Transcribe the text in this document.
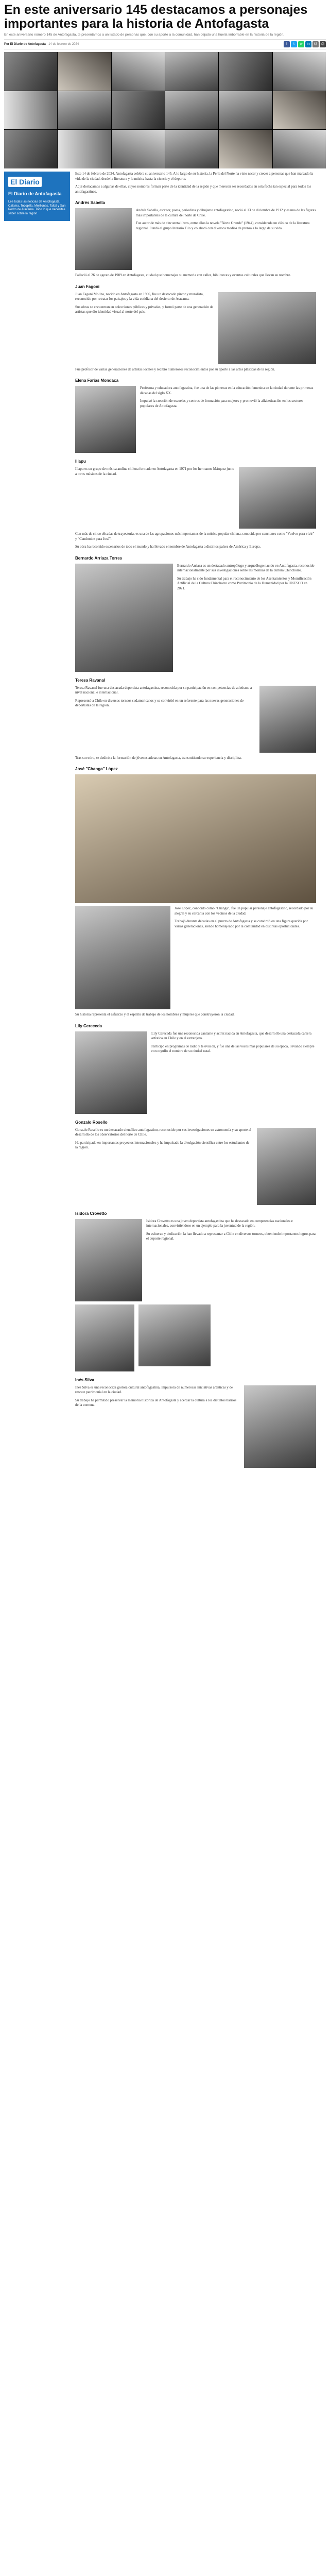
En este aniversario 145 destacamos a personajes importantes para la historia de Antofagasta

En este aniversario número 145 de Antofagasta, te presentamos a un listado de personas que, con su aporte a la comunidad, han dejado una huella imborrable en la historia de la región.

Por El Diario de Antofagasta · 14 de febrero de 2024	f	t	w	in	@	⎙
El Diario
El Diario de Antofagasta
Lee todas las noticias de Antofagasta, Calama, Tocopilla, Mejillones, Taltal y San Pedro de Atacama. Todo lo que necesitas saber sobre la región.

Este 14 de febrero de 2024, Antofagasta celebra su aniversario 145. A lo largo de su historia, la Perla del Norte ha visto nacer y crecer a personas que han marcado la vida de la ciudad, desde la literatura y la música hasta la ciencia y el deporte.

Aquí destacamos a algunas de ellas, cuyos nombres forman parte de la identidad de la región y que merecen ser recordados en esta fecha tan especial para todos los antofagastinos.

Andrés Sabella

Andrés Sabella, escritor, poeta, periodista y dibujante antofagastino, nació el 13 de diciembre de 1912 y es una de las figuras más importantes de la cultura del norte de Chile.

Fue autor de más de cincuenta libros, entre ellos la novela "Norte Grande" (1944), considerada un clásico de la literatura regional. Fundó el grupo literario Tilo y colaboró con diversos medios de prensa a lo largo de su vida.

Falleció el 26 de agosto de 1989 en Antofagasta, ciudad que homenajea su memoria con calles, bibliotecas y eventos culturales que llevan su nombre.

Juan Fagoni

Juan Fagoni Molina, nacido en Antofagasta en 1906, fue un destacado pintor y muralista, reconocido por retratar los paisajes y la vida cotidiana del desierto de Atacama.

Sus obras se encuentran en colecciones públicas y privadas, y formó parte de una generación de artistas que dio identidad visual al norte del país.

Fue profesor de varias generaciones de artistas locales y recibió numerosos reconocimientos por su aporte a las artes plásticas de la región.

Elena Farías Mondaca

Profesora y educadora antofagastina, fue una de las pioneras en la educación femenina en la ciudad durante las primeras décadas del siglo XX.

Impulsó la creación de escuelas y centros de formación para mujeres y promovió la alfabetización en los sectores populares de Antofagasta.

Illapu

Illapu es un grupo de música andina chilena formado en Antofagasta en 1971 por los hermanos Márquez junto a otros músicos de la ciudad.

Con más de cinco décadas de trayectoria, es una de las agrupaciones más importantes de la música popular chilena, conocida por canciones como "Vuelvo para vivir" y "Candombe para José".

Su obra ha recorrido escenarios de todo el mundo y ha llevado el nombre de Antofagasta a distintos países de América y Europa.

Bernardo Arriaza Torres

Bernardo Arriaza es un destacado antropólogo y arqueólogo nacido en Antofagasta, reconocido internacionalmente por sus investigaciones sobre las momias de la cultura Chinchorro.

Su trabajo ha sido fundamental para el reconocimiento de los Asentamientos y Momificación Artificial de la Cultura Chinchorro como Patrimonio de la Humanidad por la UNESCO en 2021.

Teresa Ravanal

Teresa Ravanal fue una destacada deportista antofagastina, reconocida por su participación en competencias de atletismo a nivel nacional e internacional.

Representó a Chile en diversos torneos sudamericanos y se convirtió en un referente para las nuevas generaciones de deportistas de la región.

Tras su retiro, se dedicó a la formación de jóvenes atletas en Antofagasta, transmitiendo su experiencia y disciplina.

José "Changa" López

José López, conocido como "Changa", fue un popular personaje antofagastino, recordado por su alegría y su cercanía con los vecinos de la ciudad.

Trabajó durante décadas en el puerto de Antofagasta y se convirtió en una figura querida por varias generaciones, siendo homenajeado por la comunidad en distintas oportunidades.

Su historia representa el esfuerzo y el espíritu de trabajo de los hombres y mujeres que construyeron la ciudad.

Lily Cereceda

Lily Cereceda fue una reconocida cantante y actriz nacida en Antofagasta, que desarrolló una destacada carrera artística en Chile y en el extranjero.

Participó en programas de radio y televisión, y fue una de las voces más populares de su época, llevando siempre con orgullo el nombre de su ciudad natal.

Gonzalo Rosello

Gonzalo Rosello es un destacado científico antofagastino, reconocido por sus investigaciones en astronomía y su aporte al desarrollo de los observatorios del norte de Chile.

Ha participado en importantes proyectos internacionales y ha impulsado la divulgación científica entre los estudiantes de la región.

Isidora Crovetto

Isidora Crovetto es una joven deportista antofagastina que ha destacado en competencias nacionales e internacionales, convirtiéndose en un ejemplo para la juventud de la región.

Su esfuerzo y dedicación la han llevado a representar a Chile en diversos torneos, obteniendo importantes logros para el deporte regional.

Inés Silva

Inés Silva es una reconocida gestora cultural antofagastina, impulsora de numerosas iniciativas artísticas y de rescate patrimonial en la ciudad.

Su trabajo ha permitido preservar la memoria histórica de Antofagasta y acercar la cultura a los distintos barrios de la comuna.
